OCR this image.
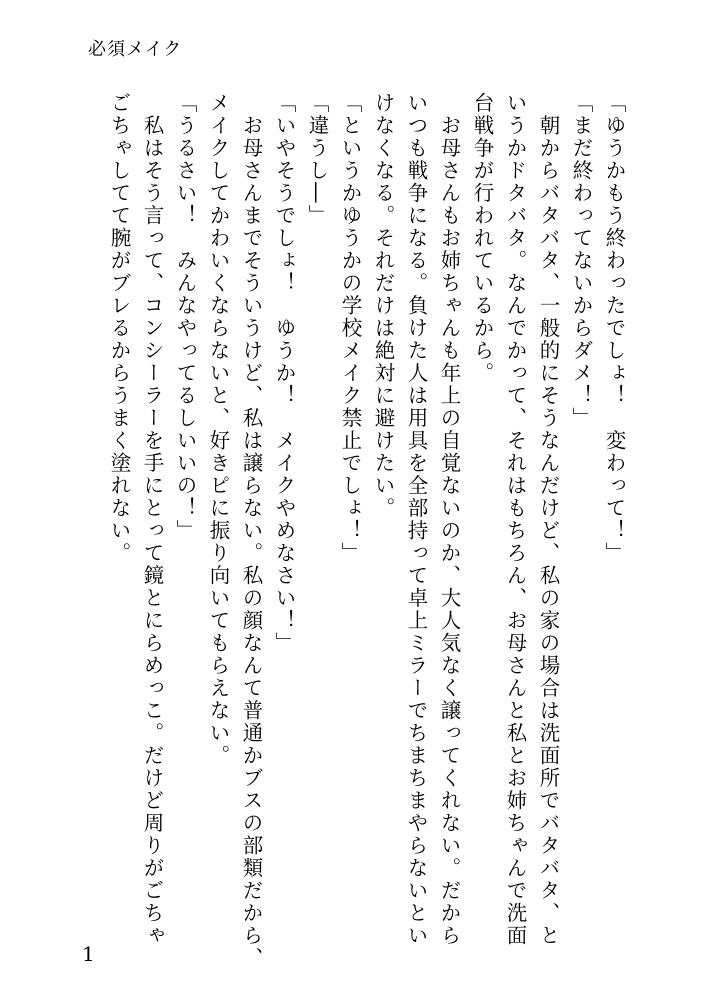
必須メイク
「ゆうかもう終わったでしょ！　変わって！」
「まだ終わってないからダメ！」
　朝からバタバタ、一般的にそうなんだけど、私の家の場合は洗面所でバタバタ、と
いうかドタバタ。なんでかって、それはもちろん、お母さんと私とお姉ちゃんで洗面
台戦争が行われているから。
　お母さんもお姉ちゃんも年上の自覚ないのか、大人気なく譲ってくれない。だから
いつも戦争になる。負けた人は用具を全部持って卓上ミラーでちまちまやらないとい
けなくなる。それだけは絶対に避けたい。
「というかゆうかの学校メイク禁止でしょ！」
「違うし―」
「いやそうでしょ！　ゆうか！　メイクやめなさい！」
　お母さんまでそういうけど、私は譲らない。私の顔なんて普通かブスの部類だから、
メイクしてかわいくならないと、好きピに振り向いてもらえない。
「うるさい！　みんなやってるしいいの！」
　私はそう言って、コンシーラーを手にとって鏡とにらめっこ。だけど周りがごちゃ
ごちゃしてて腕がブレるからうまく塗れない。
1
